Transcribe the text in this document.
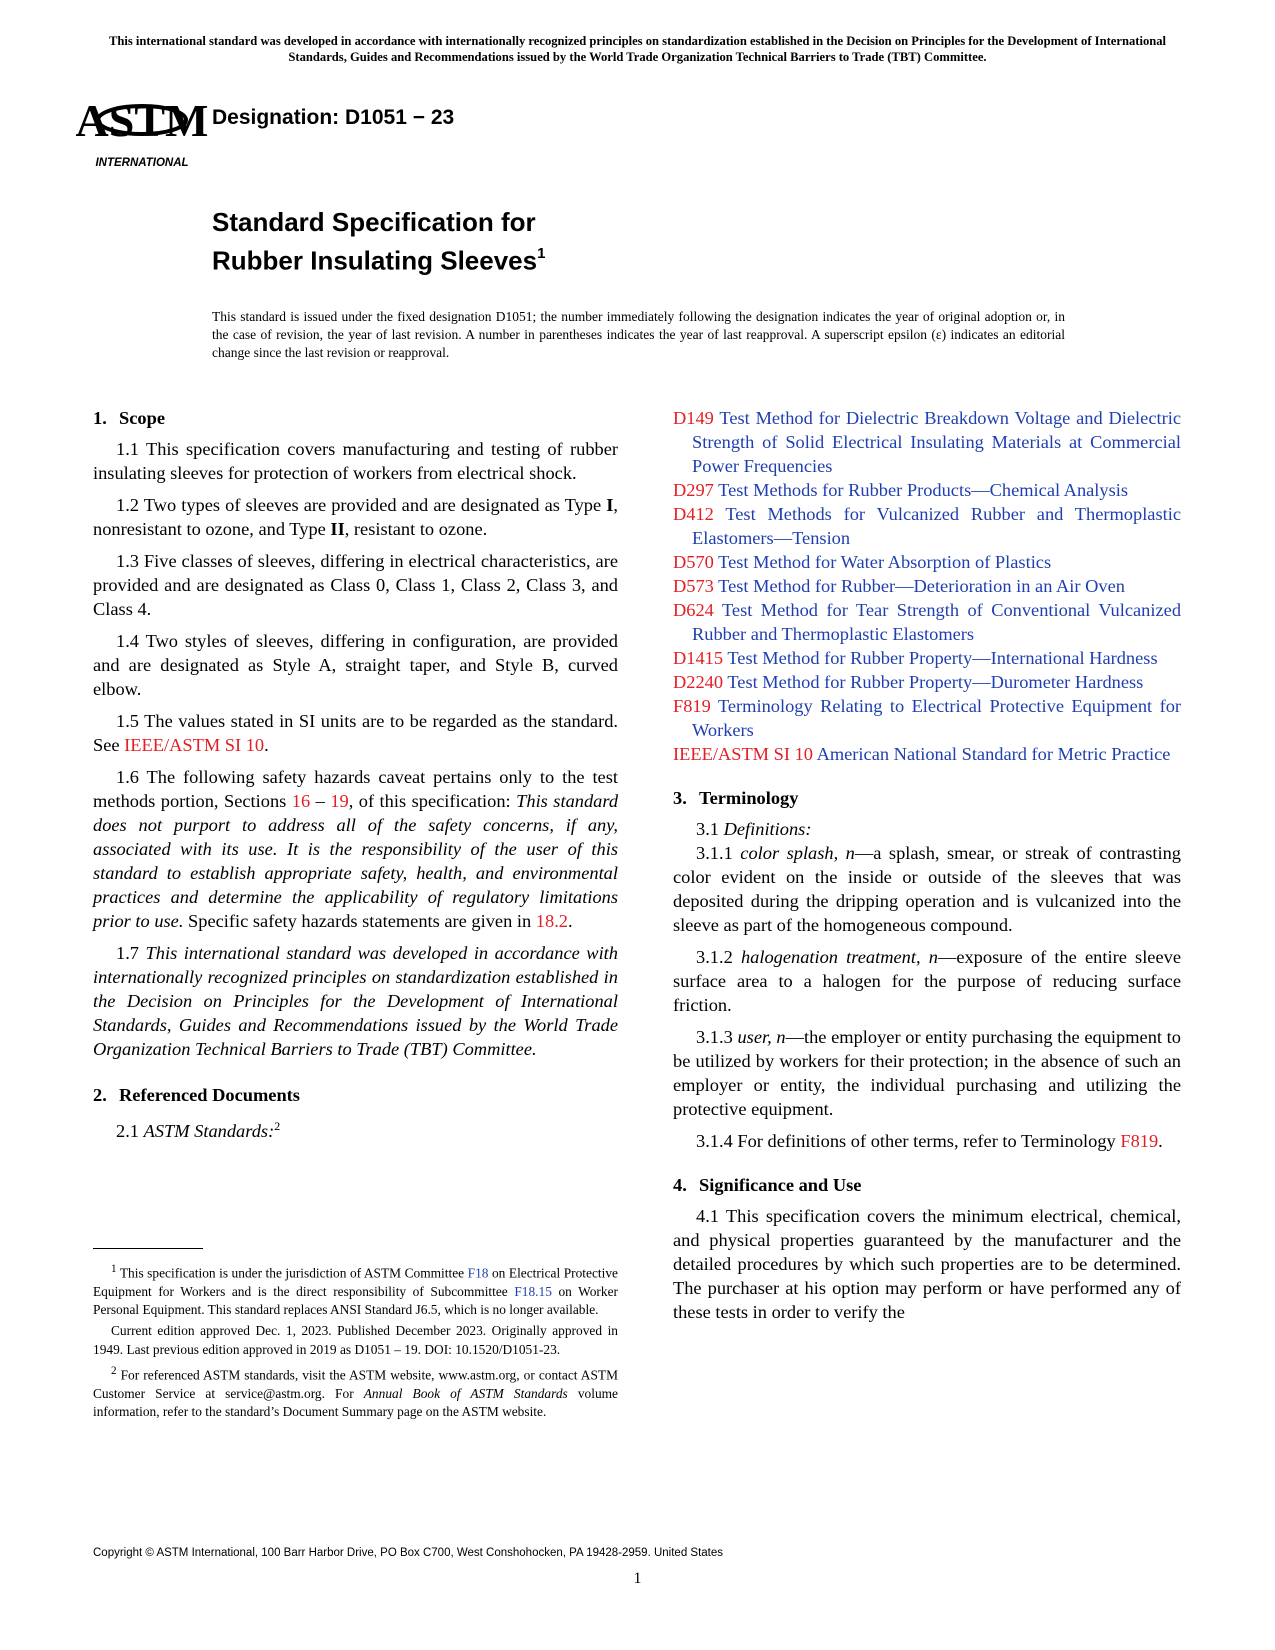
This international standard was developed in accordance with internationally recognized principles on standardization established in the Decision on Principles for the Development of International Standards, Guides and Recommendations issued by the World Trade Organization Technical Barriers to Trade (TBT) Committee.
ASTM
INTERNATIONAL
Designation: D1051 − 23
Standard Specification for
Rubber Insulating Sleeves$^1$
This standard is issued under the fixed designation D1051; the number immediately following the designation indicates the year of original adoption or, in the case of revision, the year of last revision. A number in parentheses indicates the year of last reapproval. A superscript epsilon (ε) indicates an editorial change since the last revision or reapproval.
1. Scope

1.1 This specification covers manufacturing and testing of rubber insulating sleeves for protection of workers from electrical shock.

1.2 Two types of sleeves are provided and are designated as Type I, nonresistant to ozone, and Type II, resistant to ozone.

1.3 Five classes of sleeves, differing in electrical characteristics, are provided and are designated as Class 0, Class 1, Class 2, Class 3, and Class 4.

1.4 Two styles of sleeves, differing in configuration, are provided and are designated as Style A, straight taper, and Style B, curved elbow.

1.5 The values stated in SI units are to be regarded as the standard. See IEEE/ASTM SI 10.

1.6 The following safety hazards caveat pertains only to the test methods portion, Sections 16 – 19, of this specification: This standard does not purport to address all of the safety concerns, if any, associated with its use. It is the responsibility of the user of this standard to establish appropriate safety, health, and environmental practices and determine the applicability of regulatory limitations prior to use. Specific safety hazards statements are given in 18.2.

1.7 This international standard was developed in accordance with internationally recognized principles on standardization established in the Decision on Principles for the Development of International Standards, Guides and Recommendations issued by the World Trade Organization Technical Barriers to Trade (TBT) Committee.

2. Referenced Documents

2.1 ASTM Standards:$^2$

$^1$ This specification is under the jurisdiction of ASTM Committee F18 on Electrical Protective Equipment for Workers and is the direct responsibility of Subcommittee F18.15 on Worker Personal Equipment. This standard replaces ANSI Standard J6.5, which is no longer available.

Current edition approved Dec. 1, 2023. Published December 2023. Originally approved in 1949. Last previous edition approved in 2019 as D1051 – 19. DOI: 10.1520/D1051-23.

$^2$ For referenced ASTM standards, visit the ASTM website, www.astm.org, or contact ASTM Customer Service at service@astm.org. For Annual Book of ASTM Standards volume information, refer to the standard’s Document Summary page on the ASTM website.

D149 Test Method for Dielectric Breakdown Voltage and Dielectric Strength of Solid Electrical Insulating Materials at Commercial Power Frequencies

D297 Test Methods for Rubber Products—Chemical Analysis

D412 Test Methods for Vulcanized Rubber and Thermoplastic Elastomers—Tension

D570 Test Method for Water Absorption of Plastics

D573 Test Method for Rubber—Deterioration in an Air Oven

D624 Test Method for Tear Strength of Conventional Vulcanized Rubber and Thermoplastic Elastomers

D1415 Test Method for Rubber Property—International Hardness

D2240 Test Method for Rubber Property—Durometer Hardness

F819 Terminology Relating to Electrical Protective Equipment for Workers

IEEE/ASTM SI 10 American National Standard for Metric Practice

3. Terminology

3.1 Definitions:

3.1.1 color splash, n—a splash, smear, or streak of contrasting color evident on the inside or outside of the sleeves that was deposited during the dripping operation and is vulcanized into the sleeve as part of the homogeneous compound.

3.1.2 halogenation treatment, n—exposure of the entire sleeve surface area to a halogen for the purpose of reducing surface friction.

3.1.3 user, n—the employer or entity purchasing the equipment to be utilized by workers for their protection; in the absence of such an employer or entity, the individual purchasing and utilizing the protective equipment.

3.1.4 For definitions of other terms, refer to Terminology F819.

4. Significance and Use

4.1 This specification covers the minimum electrical, chemical, and physical properties guaranteed by the manufacturer and the detailed procedures by which such properties are to be determined. The purchaser at his option may perform or have performed any of these tests in order to verify the

Copyright © ASTM International, 100 Barr Harbor Drive, PO Box C700, West Conshohocken, PA 19428-2959. United States
1
